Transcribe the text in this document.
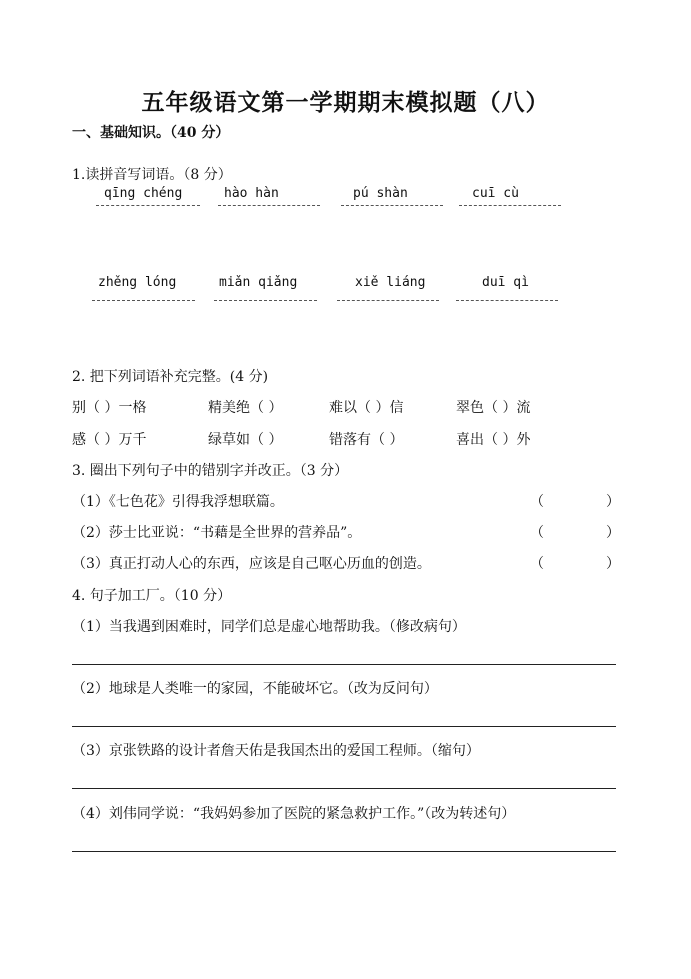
五年级语文第一学期期末模拟题（八）
一、基础知识。（40 分）
1.读拼音写词语。（8 分）
qīng chéng	hào hàn	pú shàn	cuī cù
zhěng lóng	miǎn qiǎng	xiě liáng	duī qì
2. 把下列词语补充完整。(4 分)
别（ ）一格	精美绝（ ）	难以（ ）信	翠色（ ）流
感（ ）万千	绿草如（ ）	错落有（ ）	喜出（ ）外
3. 圈出下列句子中的错别字并改正。（3 分）
（1）《七色花》引得我浮想联篇。	（	）
（2）莎士比亚说：“书藉是全世界的营养品”。	（	）
（3）真正打动人心的东西，应该是自己呕心历血的创造。	（	）
4. 句子加工厂。（10 分）
（1）当我遇到困难时，同学们总是虚心地帮助我。（修改病句）
（2）地球是人类唯一的家园，不能破坏它。（改为反问句）
（3）京张铁路的设计者詹天佑是我国杰出的爱国工程师。（缩句）
（4）刘伟同学说：“我妈妈参加了医院的紧急救护工作。”（改为转述句）
